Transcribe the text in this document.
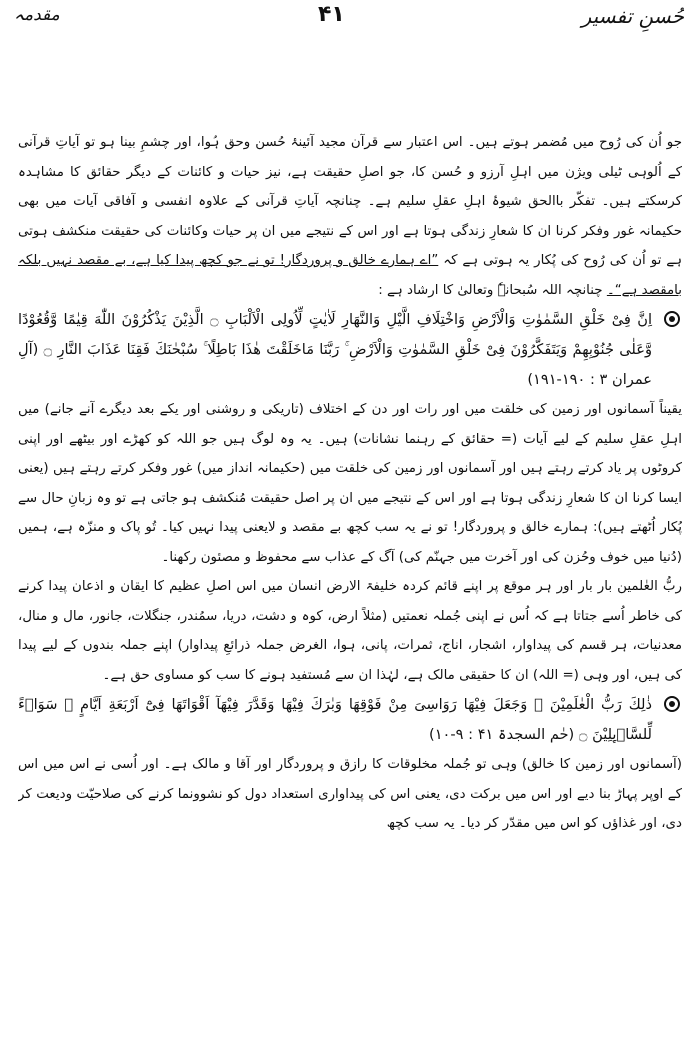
مقدمہ	۴۱	حُسنِ تفسیر

جو اُن کی رُوح میں مُضمر ہوتے ہیں۔ اس اعتبار سے قرآن مجید آئینۂ حُسن وحق ہُوا، اور چشمِ بینا ہو تو آیاتِ قرآنی کے اُلوہی ٹیلی ویژن میں اہلِ آرزو و حُسن کا، جو اصلِ حقیقت ہے، نیز حیات و کائنات کے دیگر حقائق کا مشاہدہ کرسکتے ہیں۔ تفکّر باالحق شیوۂ اہلِ عقلِ سلیم ہے۔ چنانچہ آیاتِ قرآنی کے علاوہ انفسی و آفاقی آیات میں بھی حکیمانہ غور وفکر کرنا ان کا شعارِ زندگی ہوتا ہے اور اس کے نتیجے میں ان پر حیات وکائنات کی حقیقت منکشف ہوتی ہے تو اُن کی رُوح کی پُکار یہ ہوتی ہے کہ ”اے ہمارے خالق و پروردگار! تو نے جو کچھ پیدا کیا ہے، بے مقصد نہیں بلکہ بامقصد ہے“۔ چنانچہ اللہ سُبحانہٗ وتعالیٰ کا ارشاد ہے :

اِنَّ فِیْ خَلْقِ السَّمٰوٰتِ وَالْاَرْضِ وَاخْتِلَافِ الَّیْلِ وَالنَّهَارِ لَاٰیٰتٍ لِّاُولِی الْاَلْبَابِ ۝ الَّذِیْنَ یَذْكُرُوْنَ اللّٰهَ قِیٰمًا وَّقُعُوْدًا وَّعَلٰی جُنُوْبِهِمْ وَیَتَفَكَّرُوْنَ فِیْ خَلْقِ السَّمٰوٰتِ وَالْاَرْضِ ۚ رَبَّنَا مَاخَلَقْتَ هٰذَا بَاطِلًا ۚ سُبْحٰنَكَ فَقِنَا عَذَابَ النَّارِ ۝ (آلِ عمران ۳ : ۱۹۰-۱۹۱)

یقیناً آسمانوں اور زمین کی خلقت میں اور رات اور دن کے اختلاف (تاریکی و روشنی اور یکے بعد دیگرے آنے جانے) میں اہلِ عقلِ سلیم کے لیے آیات (= حقائق کے رہنما نشانات) ہیں۔ یہ وہ لوگ ہیں جو اللہ کو کھڑے اور بیٹھے اور اپنی کروٹوں پر یاد کرتے رہتے ہیں اور آسمانوں اور زمین کی خلقت میں (حکیمانہ انداز میں) غور وفکر کرتے رہتے ہیں (یعنی ایسا کرنا ان کا شعارِ زندگی ہوتا ہے اور اس کے نتیجے میں ان پر اصل حقیقت مُنکشف ہو جاتی ہے تو وہ زبانِ حال سے پُکار اُٹھتے ہیں): ہمارے خالق و پروردگار! تو نے یہ سب کچھ بے مقصد و لایعنی پیدا نہیں کیا۔ تُو پاک و منزّہ ہے، ہمیں (دُنیا میں خوف وحُزن کی اور آخرت میں جہنّم کی) آگ کے عذاب سے محفوظ و مصئون رکھنا۔

ربُّ العٰلمین بار بار اور ہر موقع پر اپنے قائم کردہ خلیفۃ الارض انسان میں اس اصلِ عظیم کا ایقان و اذعان پیدا کرنے کی خاطر اُسے جتاتا ہے کہ اُس نے اپنی جُملہ نعمتیں (مثلاً ارض، کوہ و دشت، دریا، سمُندر، جنگلات، جانور، مال و منال، معدنیات، ہر قسم کی پیداوار، اشجار، اناج، ثمرات، پانی، ہوا، الغرض جملہ ذرائعِ پیداوار) اپنے جملہ بندوں کے لیے پیدا کی ہیں، اور وہی (= اللہ) ان کا حقیقی مالک ہے، لہٰذا ان سے مُستفید ہونے کا سب کو مساوی حق ہے۔

ذٰلِكَ رَبُّ الْعٰلَمِیْنَ ۚ وَجَعَلَ فِیْهَا رَوَاسِیَ مِنْ فَوْقِهَا وَبٰرَكَ فِیْهَا وَقَدَّرَ فِیْهَآ اَقْوَاتَهَا فِیْٓ اَرْبَعَةِ اَیَّامٍ ۭ سَوَاۗءً لِّلسَّاۗىِٕلِیْنَ ۝ (حٰم السجدۃ ۴۱ : ۹-۱۰)

(آسمانوں اور زمین کا خالق) وہی تو جُملہ مخلوقات کا رازق و پروردگار اور آقا و مالک ہے۔ اور اُسی نے اس میں اس کے اوپر پہاڑ بنا دیے اور اس میں برکت دی، یعنی اس کی پیداواری استعداد دول کو نشوونما کرنے کی صلاحیّت ودیعت کر دی، اور غذاؤں کو اس میں مقدّر کر دیا۔ یہ سب کچھ
